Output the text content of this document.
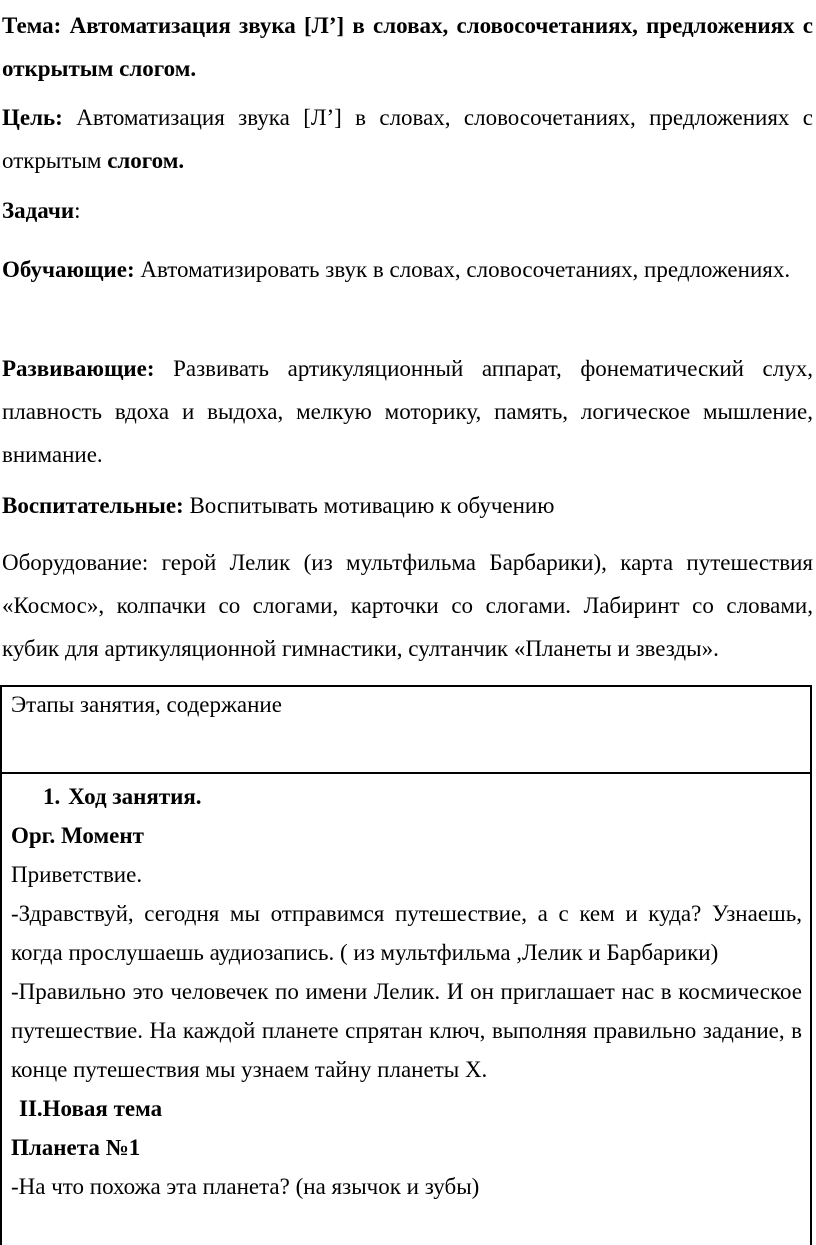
Тема: Автоматизация звука [Л’] в словах, словосочетаниях, предложениях с открытым слогом.

Цель: Автоматизация звука [Л’] в словах, словосочетаниях, предложениях с открытым слогом.

Задачи:

Обучающие: Автоматизировать звук в словах, словосочетаниях, предложениях.

Развивающие: Развивать артикуляционный аппарат, фонематический слух, плавность вдоха и выдоха, мелкую моторику, память, логическое мышление, внимание.

Воспитательные: Воспитывать мотивацию к обучению

Оборудование: герой Лелик (из мультфильма Барбарики), карта путешествия «Космос», колпачки со слогами, карточки со слогами. Лабиринт со словами, кубик для артикуляционной гимнастики, султанчик «Планеты и звезды».

Этапы занятия, содержание

1. Ход занятия.

Орг. Момент

Приветствие.

-Здравствуй, сегодня мы отправимся путешествие, а с кем и куда? Узнаешь, когда прослушаешь аудиозапись. ( из мультфильма ,Лелик и Барбарики)

-Правильно это человечек по имени Лелик. И он приглашает нас в космическое путешествие. На каждой планете спрятан ключ, выполняя правильно задание, в конце путешествия мы узнаем тайну планеты Х.

II.Новая тема

Планета №1

-На что похожа эта планета? (на язычок и зубы)
